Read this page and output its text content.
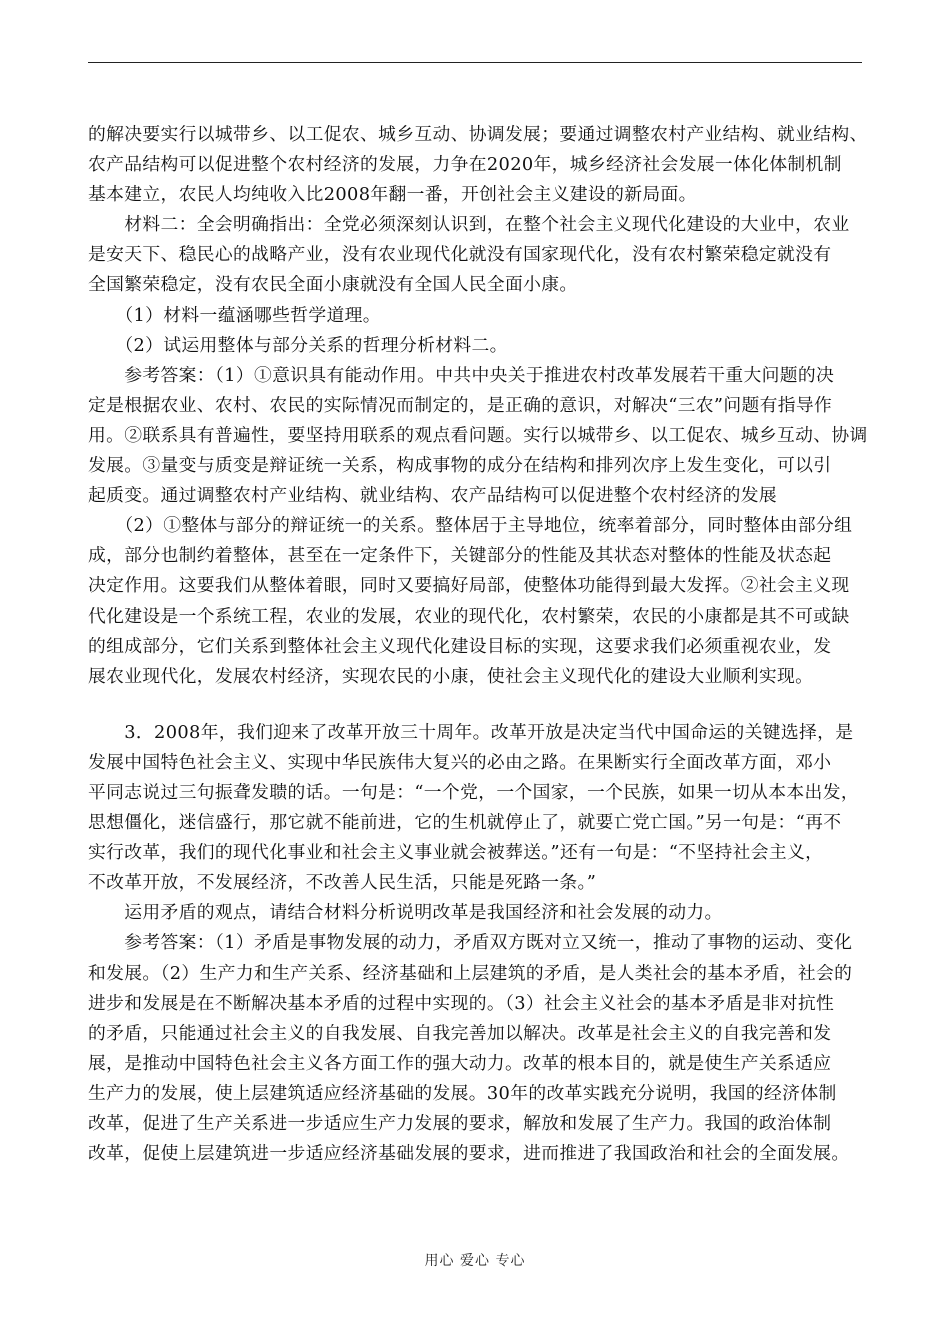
的解决要实行以城带乡、以工促农、城乡互动、协调发展；要通过调整农村产业结构、就业结构、
农产品结构可以促进整个农村经济的发展，力争在2020年，城乡经济社会发展一体化体制机制
基本建立，农民人均纯收入比2008年翻一番，开创社会主义建设的新局面。
　　材料二：全会明确指出：全党必须深刻认识到，在整个社会主义现代化建设的大业中，农业
是安天下、稳民心的战略产业，没有农业现代化就没有国家现代化，没有农村繁荣稳定就没有
全国繁荣稳定，没有农民全面小康就没有全国人民全面小康。
　　（1）材料一蕴涵哪些哲学道理。
　　（2）试运用整体与部分关系的哲理分析材料二。
　　参考答案：（1）①意识具有能动作用。中共中央关于推进农村改革发展若干重大问题的决
定是根据农业、农村、农民的实际情况而制定的，是正确的意识，对解决“三农”问题有指导作
用。②联系具有普遍性，要坚持用联系的观点看问题。实行以城带乡、以工促农、城乡互动、协调
发展。③量变与质变是辩证统一关系，构成事物的成分在结构和排列次序上发生变化，可以引
起质变。通过调整农村产业结构、就业结构、农产品结构可以促进整个农村经济的发展
　　（2）①整体与部分的辩证统一的关系。整体居于主导地位，统率着部分，同时整体由部分组
成，部分也制约着整体，甚至在一定条件下，关键部分的性能及其状态对整体的性能及状态起
决定作用。这要我们从整体着眼，同时又要搞好局部，使整体功能得到最大发挥。②社会主义现
代化建设是一个系统工程，农业的发展，农业的现代化，农村繁荣，农民的小康都是其不可或缺
的组成部分，它们关系到整体社会主义现代化建设目标的实现，这要求我们必须重视农业，发
展农业现代化，发展农村经济，实现农民的小康，使社会主义现代化的建设大业顺利实现。
　　3．2008年，我们迎来了改革开放三十周年。改革开放是决定当代中国命运的关键选择，是
发展中国特色社会主义、实现中华民族伟大复兴的必由之路。在果断实行全面改革方面，邓小
平同志说过三句振聋发聩的话。一句是：“一个党，一个国家，一个民族，如果一切从本本出发，
思想僵化，迷信盛行，那它就不能前进，它的生机就停止了，就要亡党亡国。”另一句是：“再不
实行改革，我们的现代化事业和社会主义事业就会被葬送。”还有一句是：“不坚持社会主义，
不改革开放，不发展经济，不改善人民生活，只能是死路一条。”
　　运用矛盾的观点，请结合材料分析说明改革是我国经济和社会发展的动力。
　　参考答案：（1）矛盾是事物发展的动力，矛盾双方既对立又统一，推动了事物的运动、变化
和发展。（2）生产力和生产关系、经济基础和上层建筑的矛盾，是人类社会的基本矛盾，社会的
进步和发展是在不断解决基本矛盾的过程中实现的。（3）社会主义社会的基本矛盾是非对抗性
的矛盾，只能通过社会主义的自我发展、自我完善加以解决。改革是社会主义的自我完善和发
展，是推动中国特色社会主义各方面工作的强大动力。改革的根本目的，就是使生产关系适应
生产力的发展，使上层建筑适应经济基础的发展。30年的改革实践充分说明，我国的经济体制
改革，促进了生产关系进一步适应生产力发展的要求，解放和发展了生产力。我国的政治体制
改革，促使上层建筑进一步适应经济基础发展的要求，进而推进了我国政治和社会的全面发展。
用心 爱心 专心
